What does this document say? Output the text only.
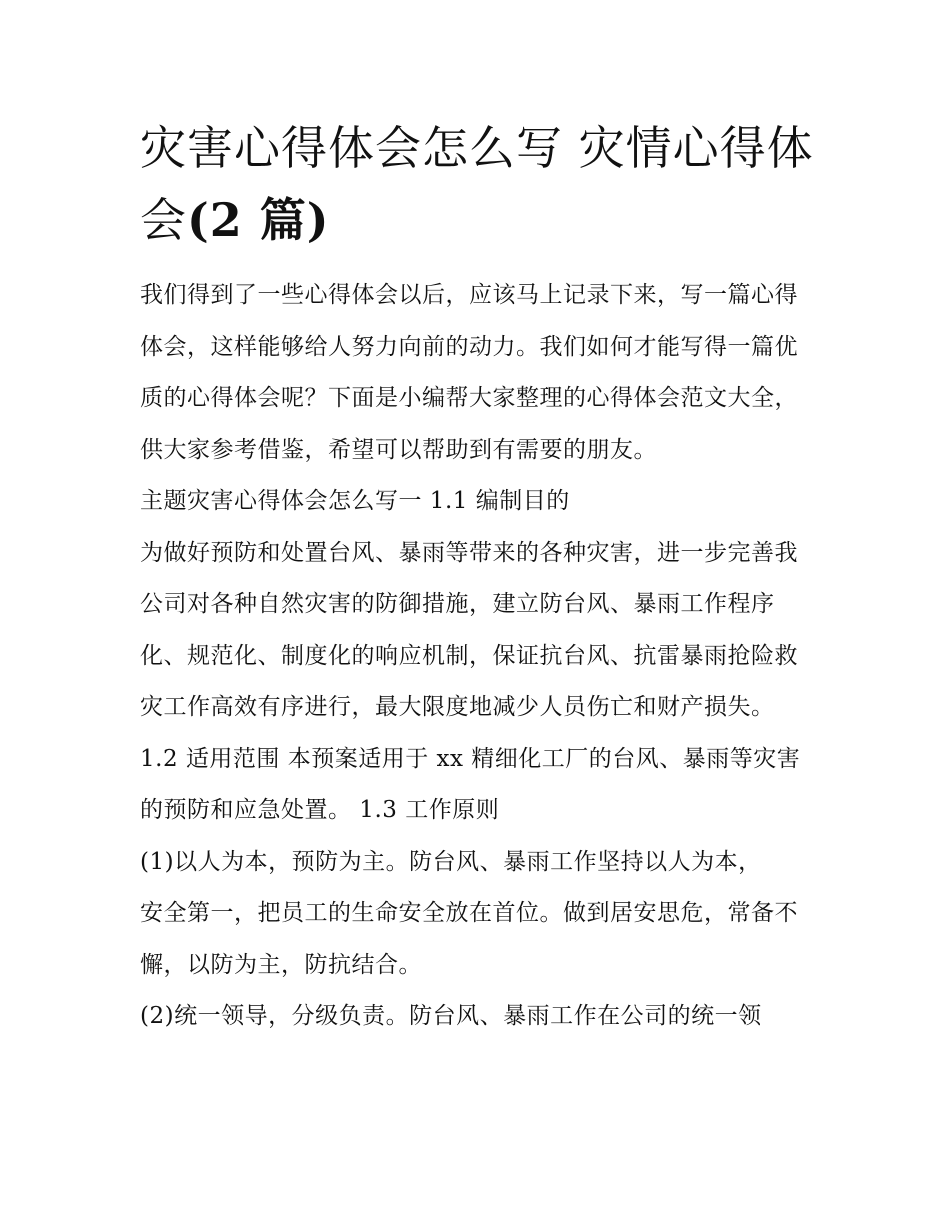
灾害心得体会怎么写 灾情心得体会(2 篇)

我们得到了一些心得体会以后，应该马上记录下来，写一篇心得体会，这样能够给人努力向前的动力。我们如何才能写得一篇优质的心得体会呢？下面是小编帮大家整理的心得体会范文大全，供大家参考借鉴，希望可以帮助到有需要的朋友。

主题灾害心得体会怎么写一 1.1 编制目的

为做好预防和处置台风、暴雨等带来的各种灾害，进一步完善我公司对各种自然灾害的防御措施，建立防台风、暴雨工作程序化、规范化、制度化的响应机制，保证抗台风、抗雷暴雨抢险救灾工作高效有序进行，最大限度地减少人员伤亡和财产损失。

1.2 适用范围 本预案适用于 xx 精细化工厂的台风、暴雨等灾害的预防和应急处置。 1.3 工作原则

(1)以人为本，预防为主。防台风、暴雨工作坚持以人为本，

安全第一，把员工的生命安全放在首位。做到居安思危，常备不懈，以防为主，防抗结合。

(2)统一领导，分级负责。防台风、暴雨工作在公司的统一领
